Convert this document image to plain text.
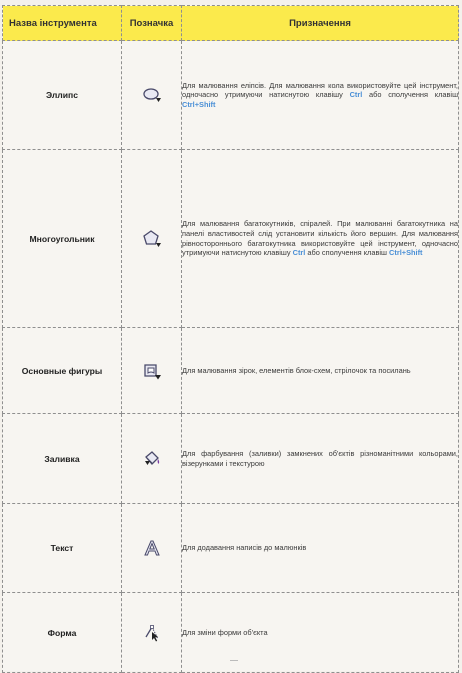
Назва інструмента	Позначка	Призначення
Эллипс		Для малювання еліпсів. Для малювання кола використовуйте цей інструмент, одночасно утримуючи натиснутою клавішу Ctrl або сполучення клавіш Ctrl+Shift
Многоугольник		Для малювання багатокутників, спіралей. При малюванні багатокутника на панелі властивостей слід установити кількість його вершин. Для малювання рівностороннього багатокутника використовуйте цей інструмент, одночасно утримуючи натиснутою клавішу Ctrl або сполучення клавіш Ctrl+Shift
Основные фигуры		Для малювання зірок, елементів блок-схем, стрілочок та посилань
Заливка		Для фарбування (заливки) замкнених об'єктів різноманітними кольорами, візерунками і текстурою
Текст		Для додавання написів до малюнків
Форма		Для зміни форми об'єкта
